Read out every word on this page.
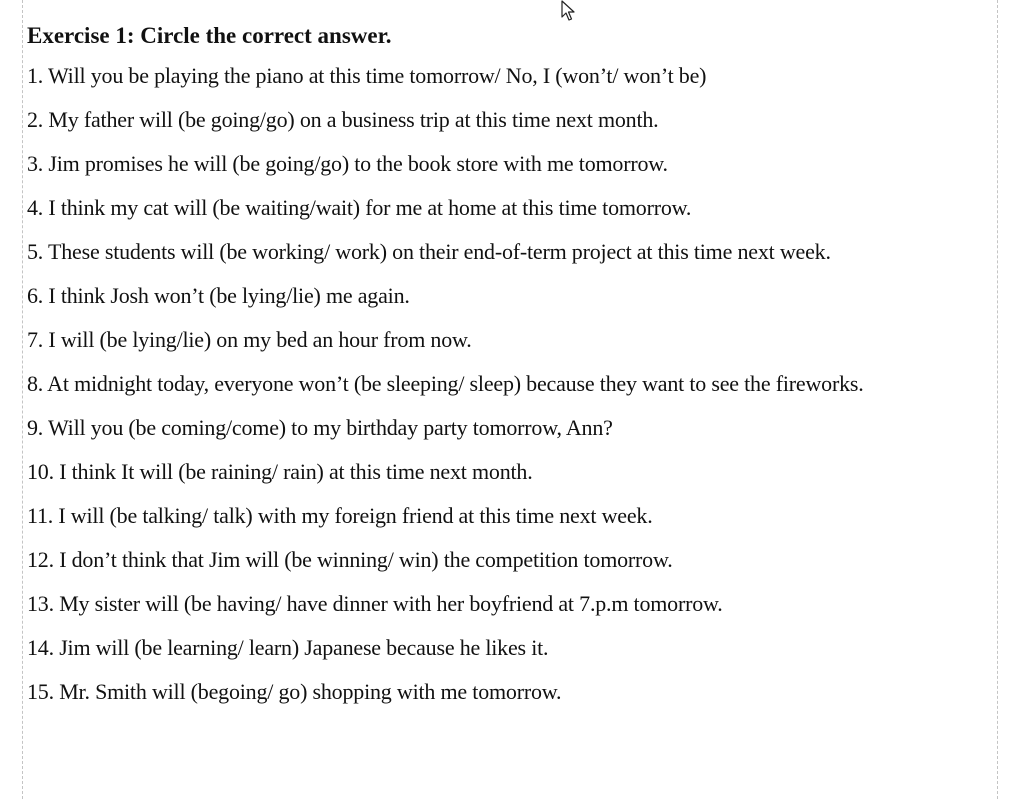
Exercise 1: Circle the correct answer.
1. Will you be playing the piano at this time tomorrow/ No, I (won’t/ won’t be)
2. My father will (be going/go) on a business trip at this time next month.
3. Jim promises he will (be going/go) to the book store with me tomorrow.
4. I think my cat will (be waiting/wait) for me at home at this time tomorrow.
5. These students will (be working/ work) on their end-of-term project at this time next week.
6. I think Josh won’t (be lying/lie) me again.
7. I will (be lying/lie) on my bed an hour from now.
8. At midnight today, everyone won’t (be sleeping/ sleep) because they want to see the fireworks.
9. Will you (be coming/come) to my birthday party tomorrow, Ann?
10. I think It will (be raining/ rain) at this time next month.
11. I will (be talking/ talk) with my foreign friend at this time next week.
12. I don’t think that Jim will (be winning/ win) the competition tomorrow.
13. My sister will (be having/ have dinner with her boyfriend at 7.p.m tomorrow.
14. Jim will (be learning/ learn) Japanese because he likes it.
15. Mr. Smith will (begoing/ go) shopping with me tomorrow.
